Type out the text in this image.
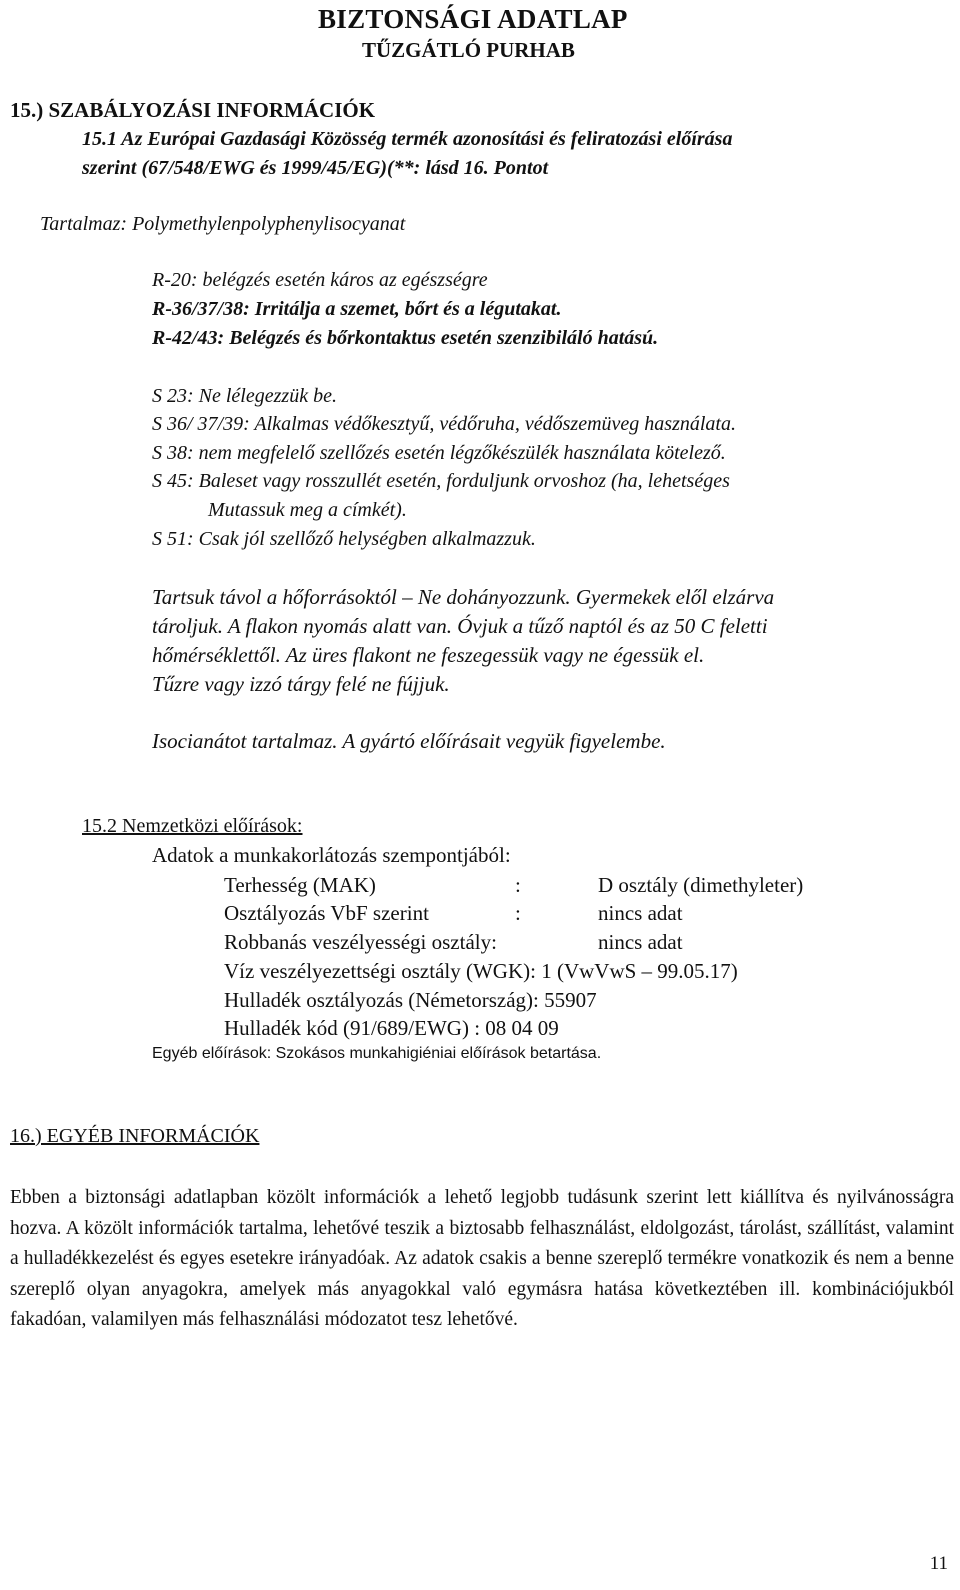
BIZTONSÁGI ADATLAP
TŰZGÁTLÓ PURHAB
15.) SZABÁLYOZÁSI INFORMÁCIÓK
15.1 Az Európai Gazdasági Közösség termék azonosítási és feliratozási előírása
szerint (67/548/EWG és 1999/45/EG)(**: lásd 16. Pontot
Tartalmaz: Polymethylenpolyphenylisocyanat
R-20: belégzés esetén káros az egészségre
R-36/37/38: Irritálja a szemet, bőrt és a légutakat.
R-42/43: Belégzés és bőrkontaktus esetén szenzibiláló hatású.
S 23: Ne lélegezzük be.
S 36/ 37/39: Alkalmas védőkesztyű, védőruha, védőszemüveg használata.
S 38: nem megfelelő szellőzés esetén légzőkészülék használata kötelező.
S 45: Baleset vagy rosszullét esetén, forduljunk orvoshoz (ha, lehetséges
Mutassuk meg a címkét).
S 51: Csak jól szellőző helységben alkalmazzuk.
Tartsuk távol a hőforrásoktól – Ne dohányozzunk. Gyermekek elől elzárva
tároljuk. A flakon nyomás alatt van. Óvjuk a tűző naptól és az 50 C feletti
hőmérséklettől. Az üres flakont ne feszegessük vagy ne égessük el.
Tűzre vagy izzó tárgy felé ne fújjuk.
Isocianátot tartalmaz. A gyártó előírásait vegyük figyelembe.
15.2 Nemzetközi előírások:
Adatok a munkakorlátozás szempontjából:
Terhesség (MAK)	:	D osztály (dimethyleter)
Osztályozás VbF szerint	:	nincs adat
Robbanás veszélyességi osztály:	nincs adat
Víz veszélyezettségi osztály (WGK): 1 (VwVwS – 99.05.17)
Hulladék osztályozás (Németország): 55907
Hulladék kód (91/689/EWG) : 08 04 09
Egyéb előírások: Szokásos munkahigiéniai előírások betartása.
16.) EGYÉB INFORMÁCIÓK
Ebben a biztonsági adatlapban közölt információk a lehető legjobb tudásunk szerint lett kiállítva és nyilvánosságra hozva. A közölt információk tartalma, lehetővé teszik a biztosabb felhasználást, eldolgozást, tárolást, szállítást, valamint a hulladékkezelést és egyes esetekre irányadóak. Az adatok csakis a benne szereplő termékre vonatkozik és nem a benne szereplő olyan anyagokra, amelyek más anyagokkal való egymásra hatása következtében ill. kombinációjukból fakadóan, valamilyen más felhasználási módozatot tesz lehetővé.
11
